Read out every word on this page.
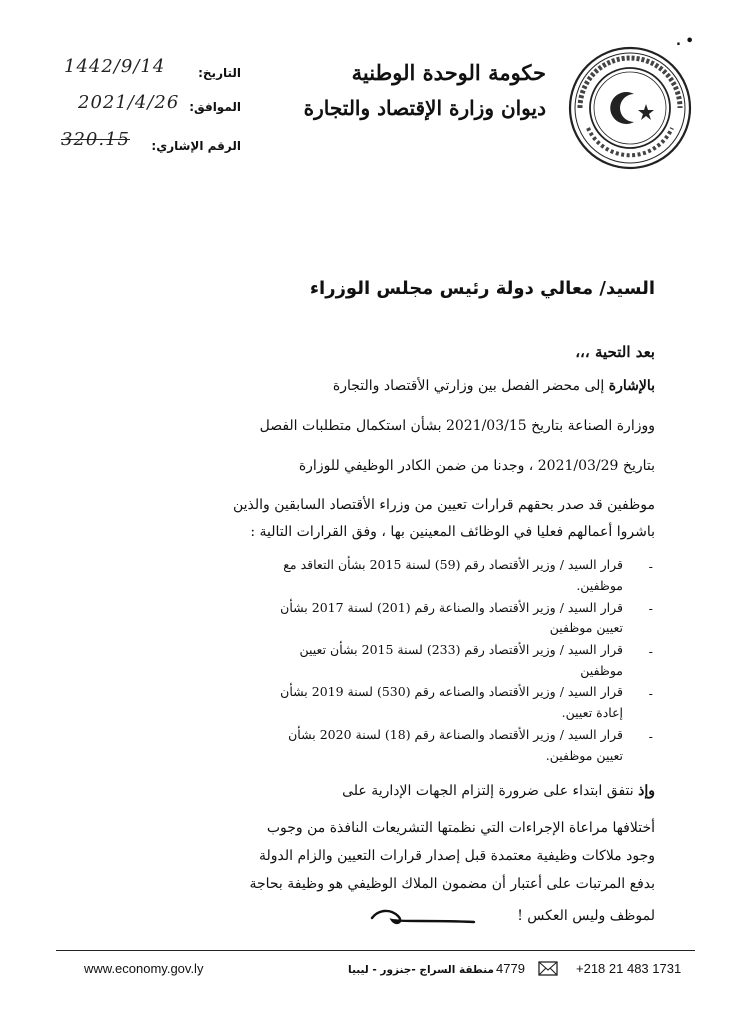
. •
حكومة الوحدة الوطنية
ديوان وزارة الإقتصاد والتجارة
التاريخ:
الموافق:
الرقم الإشاري:
1442/9/14
2021/4/26
320.15
السيد/ معالي دولة رئيس مجلس الوزراء
بعد التحية ،،،
بالإشارة إلى محضر الفصل بين وزارتي الأقتصاد والتجارة
ووزارة الصناعة بتاريخ 2021/03/15 بشأن استكمال متطلبات الفصل
بتاريخ 2021/03/29 ، وجدنا من ضمن الكادر الوظيفي للوزارة
موظفين قد صدر بحقهم قرارات تعيين من وزراء الأقتصاد السابقين والذين
باشروا أعمالهم فعليا في الوظائف المعينين بها ، وفق القرارات التالية :
-
قرار السيد / وزير الأقتصاد رقم (59) لسنة 2015 بشأن التعاقد مع
موظفين.
-
قرار السيد / وزير الأقتصاد والصناعة رقم (201) لسنة 2017 بشأن
تعيين موظفين
-
قرار السيد / وزير الأقتصاد رقم (233) لسنة 2015 بشأن تعيين
موظفين
-
قرار السيد / وزير الأقتصاد والصناعه رقم (530) لسنة 2019 بشأن
إعادة تعيين.
-
قرار السيد / وزير الأقتصاد والصناعة رقم (18) لسنة 2020 بشأن
تعيين موظفين.
وإذ نتفق ابتداء على ضرورة إلتزام الجهات الإدارية على
أختلافها مراعاة الإجراءات التي نظمتها التشريعات النافذة من وجوب
وجود ملاكات وظيفية معتمدة قبل إصدار قرارات التعيين والزام الدولة
بدفع المرتبات على أعتبار أن مضمون الملاك الوظيفي هو وظيفة بحاجة
لموظف وليس العكس !
www.economy.gov.ly	منطقة السراج -جنزور - ليبيا 4779	+218 21 483 1731
